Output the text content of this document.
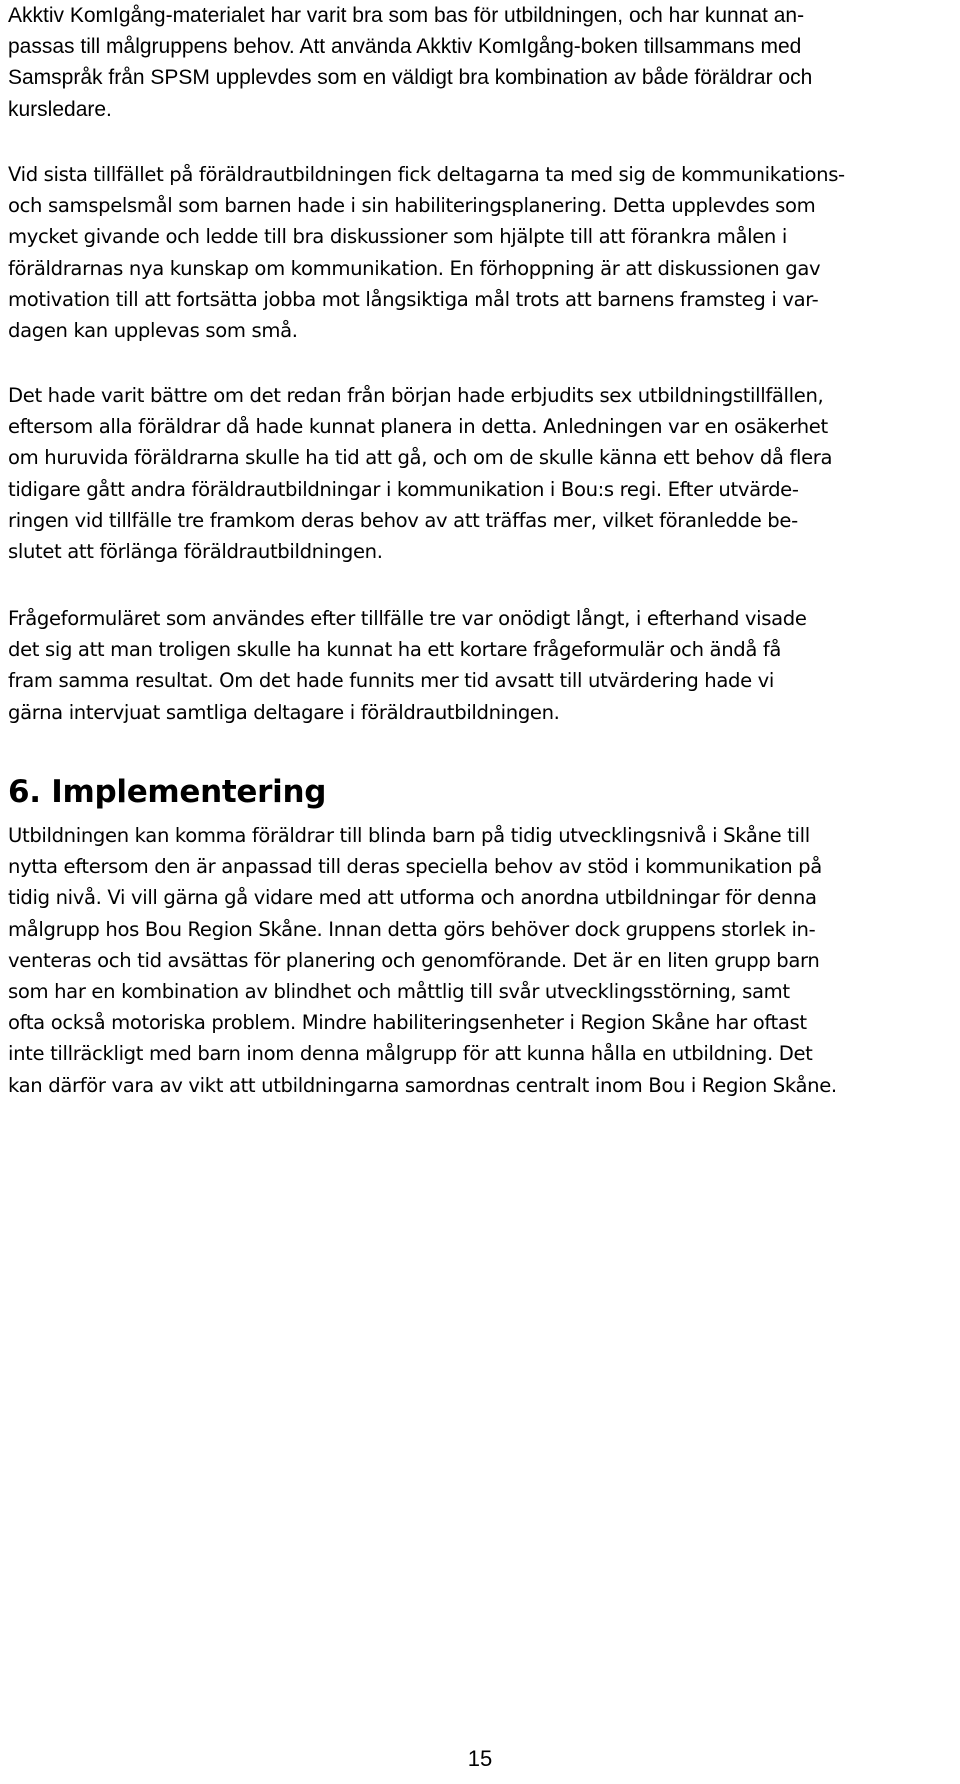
Akktiv KomIgång-materialet har varit bra som bas för utbildningen, och har kunnat an-
passas till målgruppens behov. Att använda Akktiv KomIgång-boken tillsammans med
Samspråk från SPSM upplevdes som en väldigt bra kombination av både föräldrar och
kursledare.

Vid sista tillfället på föräldrautbildningen fick deltagarna ta med sig de kommunikations-
och samspelsmål som barnen hade i sin habiliteringsplanering. Detta upplevdes som
mycket givande och ledde till bra diskussioner som hjälpte till att förankra målen i
föräldrarnas nya kunskap om kommunikation. En förhoppning är att diskussionen gav
motivation till att fortsätta jobba mot långsiktiga mål trots att barnens framsteg i var-
dagen kan upplevas som små.

Det hade varit bättre om det redan från början hade erbjudits sex utbildningstillfällen,
eftersom alla föräldrar då hade kunnat planera in detta. Anledningen var en osäkerhet
om huruvida föräldrarna skulle ha tid att gå, och om de skulle känna ett behov då flera
tidigare gått andra föräldrautbildningar i kommunikation i Bou:s regi. Efter utvärde-
ringen vid tillfälle tre framkom deras behov av att träffas mer, vilket föranledde be-
slutet att förlänga föräldrautbildningen.

Frågeformuläret som användes efter tillfälle tre var onödigt långt, i efterhand visade
det sig att man troligen skulle ha kunnat ha ett kortare frågeformulär och ändå få
fram samma resultat. Om det hade funnits mer tid avsatt till utvärdering hade vi
gärna intervjuat samtliga deltagare i föräldrautbildningen.

6. Implementering

Utbildningen kan komma föräldrar till blinda barn på tidig utvecklingsnivå i Skåne till
nytta eftersom den är anpassad till deras speciella behov av stöd i kommunikation på
tidig nivå. Vi vill gärna gå vidare med att utforma och anordna utbildningar för denna
målgrupp hos Bou Region Skåne. Innan detta görs behöver dock gruppens storlek in-
venteras och tid avsättas för planering och genomförande. Det är en liten grupp barn
som har en kombination av blindhet och måttlig till svår utvecklingsstörning, samt
ofta också motoriska problem. Mindre habiliteringsenheter i Region Skåne har oftast
inte tillräckligt med barn inom denna målgrupp för att kunna hålla en utbildning. Det
kan därför vara av vikt att utbildningarna samordnas centralt inom Bou i Region Skåne.

15
